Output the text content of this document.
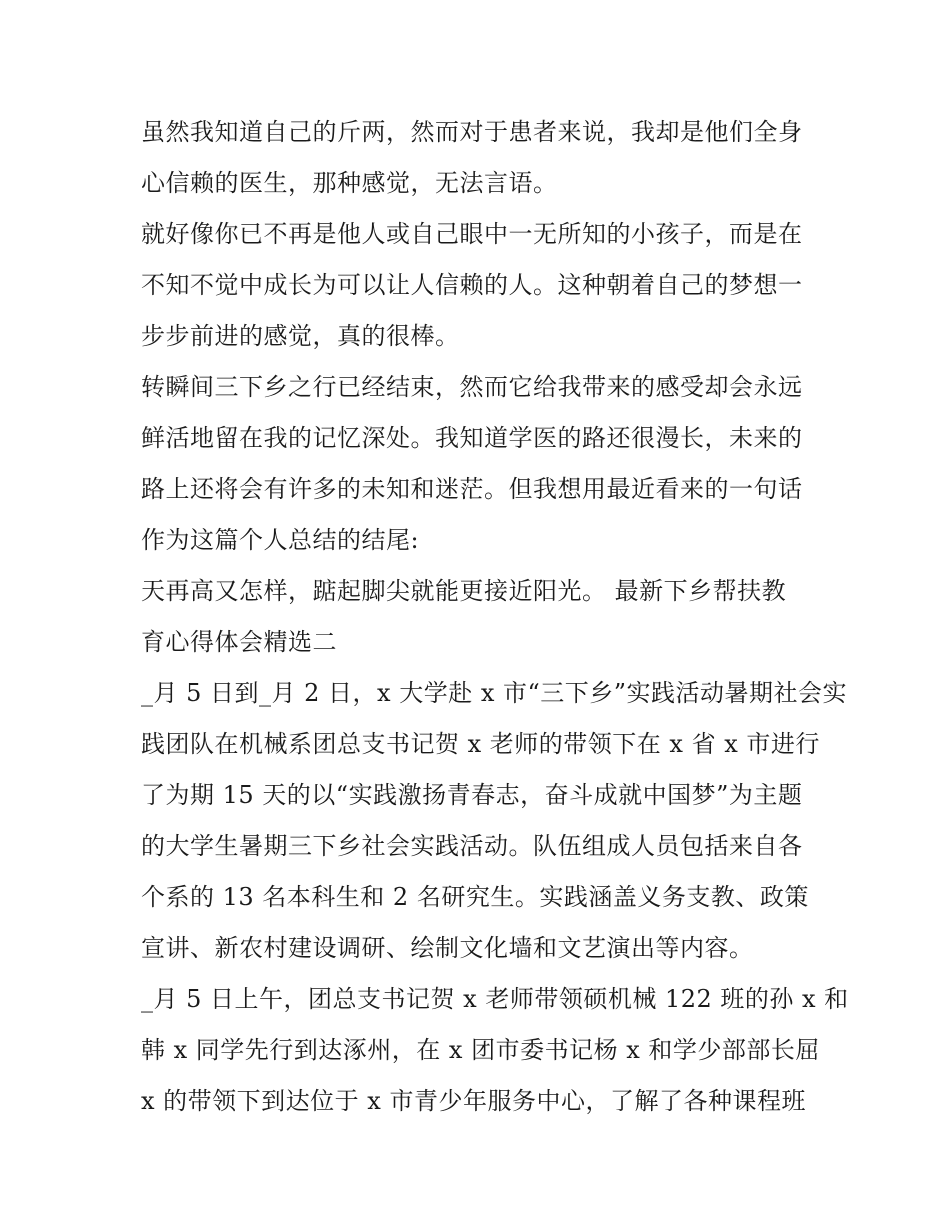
虽然我知道自己的斤两，然而对于患者来说，我却是他们全身
心信赖的医生，那种感觉，无法言语。
就好像你已不再是他人或自己眼中一无所知的小孩子，而是在
不知不觉中成长为可以让人信赖的人。这种朝着自己的梦想一
步步前进的感觉，真的很棒。
转瞬间三下乡之行已经结束，然而它给我带来的感受却会永远
鲜活地留在我的记忆深处。我知道学医的路还很漫长，未来的
路上还将会有许多的未知和迷茫。但我想用最近看来的一句话
作为这篇个人总结的结尾:
天再高又怎样，踮起脚尖就能更接近阳光。 最新下乡帮扶教
育心得体会精选二
_月 5 日到_月 2 日，x 大学赴 x 市“三下乡”实践活动暑期社会实
践团队在机械系团总支书记贺 x 老师的带领下在 x 省 x 市进行
了为期 15 天的以“实践激扬青春志，奋斗成就中国梦”为主题
的大学生暑期三下乡社会实践活动。队伍组成人员包括来自各
个系的 13 名本科生和 2 名研究生。实践涵盖义务支教、政策
宣讲、新农村建设调研、绘制文化墙和文艺演出等内容。
_月 5 日上午，团总支书记贺 x 老师带领硕机械 122 班的孙 x 和
韩 x 同学先行到达涿州，在 x 团市委书记杨 x 和学少部部长屈
x 的带领下到达位于 x 市青少年服务中心，了解了各种课程班
